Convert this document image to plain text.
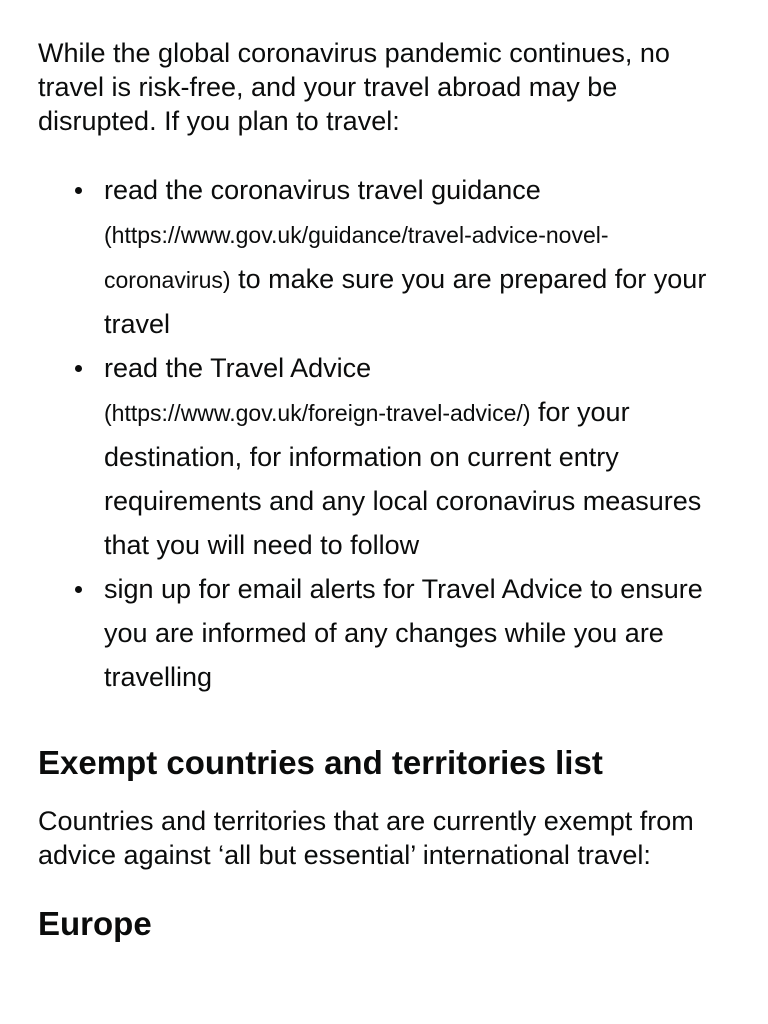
While the global coronavirus pandemic continues, no travel is risk-free, and your travel abroad may be disrupted. If you plan to travel:

read the coronavirus travel guidance
(https://www.gov.uk/guidance/travel-advice-novel-coronavirus) to make sure you are prepared for your travel
read the Travel Advice
(https://www.gov.uk/foreign-travel-advice/) for your destination, for information on current entry requirements and any local coronavirus measures that you will need to follow
sign up for email alerts for Travel Advice to ensure you are informed of any changes while you are travelling
Exempt countries and territories list

Countries and territories that are currently exempt from advice against ‘all but essential’ international travel:

Europe
